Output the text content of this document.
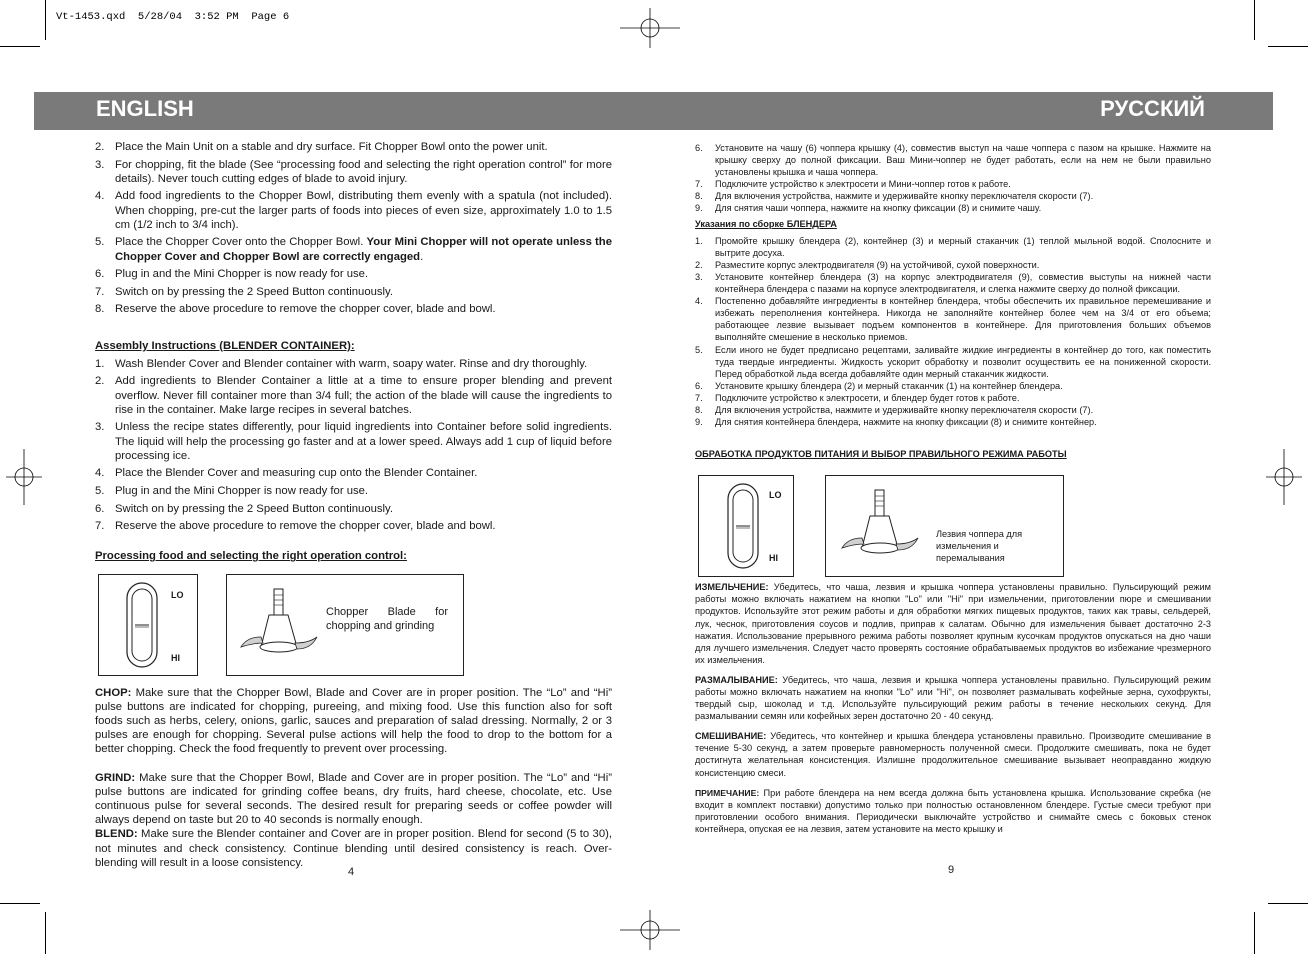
Vt-1453.qxd  5/28/04  3:52 PM  Page 6
ENGLISH	РУССКИЙ
2. Place the Main Unit on a stable and dry surface. Fit Chopper Bowl onto the power unit.
3. For chopping, fit the blade (See “processing food and selecting the right operation control” for more details). Never touch cutting edges of blade to avoid injury.
4. Add food ingredients to the Chopper Bowl, distributing them evenly with a spatula (not included). When chopping, pre-cut the larger parts of foods into pieces of even size, approximately 1.0 to 1.5 cm (1/2 inch to 3/4 inch).
5. Place the Chopper Cover onto the Chopper Bowl. Your Mini Chopper will not operate unless the Chopper Cover and Chopper Bowl are correctly engaged.
6. Plug in and the Mini Chopper is now ready for use.
7. Switch on by pressing the 2 Speed Button continuously.
8. Reserve the above procedure to remove the chopper cover, blade and bowl.
Assembly Instructions (BLENDER CONTAINER):
1. Wash Blender Cover and Blender container with warm, soapy water. Rinse and dry thoroughly.
2. Add ingredients to Blender Container a little at a time to ensure proper blending and prevent overflow. Never fill container more than 3/4 full; the action of the blade will cause the ingredients to rise in the container. Make large recipes in several batches.
3. Unless the recipe states differently, pour liquid ingredients into Container before solid ingredients. The liquid will help the processing go faster and at a lower speed. Always add 1 cup of liquid before processing ice.
4. Place the Blender Cover and measuring cup onto the Blender Container.
5. Plug in and the Mini Chopper is now ready for use.
6. Switch on by pressing the 2 Speed Button continuously.
7. Reserve the above procedure to remove the chopper cover, blade and bowl.
Processing food and selecting the right operation control:
LO
HI
Chopper Blade for chopping and grinding

CHOP: Make sure that the Chopper Bowl, Blade and Cover are in proper position. The “Lo” and “Hi” pulse buttons are indicated for chopping, pureeing, and mixing food. Use this function also for soft foods such as herbs, celery, onions, garlic, sauces and preparation of salad dressing. Normally, 2 or 3 pulses are enough for chopping. Several pulse actions will help the food to drop to the bottom for a better chopping. Check the food frequently to prevent over processing.

GRIND: Make sure that the Chopper Bowl, Blade and Cover are in proper position. The “Lo” and “Hi” pulse buttons are indicated for grinding coffee beans, dry fruits, hard cheese, chocolate, etc. Use continuous pulse for several seconds. The desired result for preparing seeds or coffee powder will always depend on taste but 20 to 40 seconds is normally enough.

BLEND: Make sure the Blender container and Cover are in proper position. Blend for second (5 to 30), not minutes and check consistency. Continue blending until desired consistency is reach. Over-blending will result in a loose consistency.

4
6. Установите на чашу (6) чоппера крышку (4), совместив выступ на чаше чоппера с пазом на крышке. Нажмите на крышку сверху до полной фиксации. Ваш Мини-чоппер не будет работать, если на нем не были правильно установлены крышка и чаша чоппера.
7. Подключите устройство к электросети и Мини-чоппер готов к работе.
8. Для включения устройства, нажмите и удерживайте кнопку переключателя скорости (7).
9. Для снятия чаши чоппера, нажмите на кнопку фиксации (8) и снимите чашу.
Указания по сборке БЛЕНДЕРА
1. Промойте крышку блендера (2), контейнер (3) и мерный стаканчик (1) теплой мыльной водой. Сполосните и вытрите досуха.
2. Разместите корпус электродвигателя (9) на устойчивой, сухой поверхности.
3. Установите контейнер блендера (3) на корпус электродвигателя (9), совместив выступы на нижней части контейнера блендера с пазами на корпусе электродвигателя, и слегка нажмите сверху до полной фиксации.
4. Постепенно добавляйте ингредиенты в контейнер блендера, чтобы обеспечить их правильное перемешивание и избежать переполнения контейнера. Никогда не заполняйте контейнер более чем на 3/4 от его объема; работающее лезвие вызывает подъем компонентов в контейнере. Для приготовления больших объемов выполняйте смешение в несколько приемов.
5. Если иного не будет предписано рецептами, заливайте жидкие ингредиенты в контейнер до того, как поместить туда твердые ингредиенты. Жидкость ускорит обработку и позволит осуществить ее на пониженной скорости. Перед обработкой льда всегда добавляйте один мерный стаканчик жидкости.
6. Установите крышку блендера (2) и мерный стаканчик (1) на контейнер блендера.
7. Подключите устройство к электросети, и блендер будет готов к работе.
8. Для включения устройства, нажмите и удерживайте кнопку переключателя скорости (7).
9. Для снятия контейнера блендера, нажмите на кнопку фиксации (8) и снимите контейнер.
ОБРАБОТКА ПРОДУКТОВ ПИТАНИЯ И ВЫБОР ПРАВИЛЬНОГО РЕЖИМА РАБОТЫ
LO
HI
Лезвия чоппера для измельчения и перемалывания

ИЗМЕЛЬЧЕНИЕ: Убедитесь, что чаша, лезвия и крышка чоппера установлены правильно. Пульсирующий режим работы можно включать нажатием на кнопки "Lo" или "Hi" при измельчении, приготовлении пюре и смешивании продуктов. Используйте этот режим работы и для обработки мягких пищевых продуктов, таких как травы, сельдерей, лук, чеснок, приготовления соусов и подлив, приправ к салатам. Обычно для измельчения бывает достаточно 2-3 нажатия. Использование прерывного режима работы позволяет крупным кусочкам продуктов опускаться на дно чаши для лучшего измельчения. Следует часто проверять состояние обрабатываемых продуктов во избежание чрезмерного их измельчения.

РАЗМАЛЫВАНИЕ: Убедитесь, что чаша, лезвия и крышка чоппера установлены правильно. Пульсирующий режим работы можно включать нажатием на кнопки "Lo" или "Hi", он позволяет размалывать кофейные зерна, сухофрукты, твердый сыр, шоколад и т.д. Используйте пульсирующий режим работы в течение нескольких секунд. Для размалывании семян или кофейных зерен достаточно 20 - 40 секунд.

СМЕШИВАНИЕ: Убедитесь, что контейнер и крышка блендера установлены правильно. Производите смешивание в течение 5-30 секунд, а затем проверьте равномерность полученной смеси. Продолжите смешивать, пока не будет достигнута желательная консистенция. Излишне продолжительное смешивание вызывает неоправданно жидкую консистенцию смеси.

ПРИМЕЧАНИЕ: При работе блендера на нем всегда должна быть установлена крышка. Использование скребка (не входит в комплект поставки) допустимо только при полностью остановленном блендере. Густые смеси требуют при приготовлении особого внимания. Периодически выключайте устройство и снимайте смесь с боковых стенок контейнера, опуская ее на лезвия, затем установите на место крышку и

9
